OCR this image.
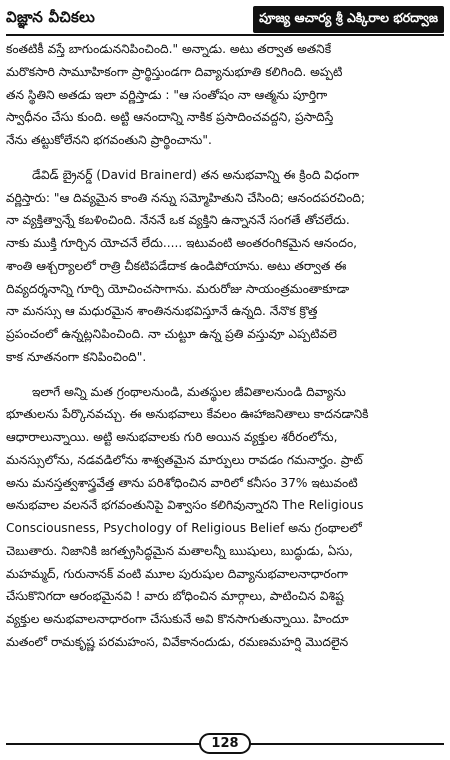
విజ్ఞాన వీచికలు	పూజ్య ఆచార్య శ్రీ ఎక్కిరాల భరద్వాజ
కంతటికీ వస్తే బాగుండుననిపించింది." అన్నాడు. అటు తర్వాత అతనికే
మరొకసారి సామూహికంగా ప్రార్థిస్తుండగా దివ్యానుభూతి కలిగింది. అప్పటి
తన స్థితిని అతడు ఇలా వర్ణిస్తాడు : "ఆ సంతోషం నా ఆత్మను పూర్తిగా
స్వాధీనం చేసు కుంది. అట్టి ఆనందాన్ని నాకిక ప్రసాదించవద్దని, ప్రసాదిస్తే
నేను తట్టుకోలేనని భగవంతుని ప్రార్థించాను".
డేవిడ్ బ్రైనర్డ్ (David Brainerd) తన అనుభవాన్ని ఈ క్రింది విధంగా
వర్ణిస్తారు: "ఆ దివ్యమైన కాంతి నన్ను సమ్మోహితుని చేసింది; ఆనందపరచింది;
నా వ్యక్తిత్వాన్నే కబళించింది. నేననే ఒక వ్యక్తిని ఉన్నాననే సంగతే తోచలేదు.
నాకు ముక్తి గూర్చిన యోచనే లేదు..... ఇటువంటి అంతరంగికమైన ఆనందం,
శాంతి ఆశ్చర్యాలలో రాత్రి చీకటిపడేదాక ఉండిపోయాను. అటు తర్వాత ఈ
దివ్యదర్శనాన్ని గూర్చి యోచించసాగాను. మరురోజు సాయంత్రమంతాకూడా
నా మనస్సు ఆ మధురమైన శాంతిననుభవిస్తూనే ఉన్నది. నేనొక క్రొత్త
ప్రపంచంలో ఉన్నట్లనిపించింది. నా చుట్టూ ఉన్న ప్రతి వస్తువూ ఎప్పటివలె
కాక నూతనంగా కనిపించింది".
ఇలాగే అన్ని మత గ్రంథాలనుండి, మతస్థుల జీవితాలనుండి దివ్యాను
భూతులను పేర్కొనవచ్చు. ఈ అనుభవాలు కేవలం ఊహాజనితాలు కాదనడానికి
ఆధారాలున్నాయి. అట్టి అనుభవాలకు గురి అయిన వ్యక్తుల శరీరంలోను,
మనస్సులోను, నడవడిలోను శాశ్వతమైన మార్పులు రావడం గమనార్హం. ప్రాట్
అను మనస్తత్వశాస్త్రవేత్త తాను పరిశోధించిన వారిలో కనీసం 37% ఇటువంటి
అనుభవాల వలననే భగవంతునిపై విశ్వాసం కలిగివున్నారని The Religious
Consciousness, Psychology of Religious Belief అను గ్రంథాలలో
చెబుతారు. నిజానికి జగత్ప్రసిద్ధమైన మతాలన్నీ ఋషులు, బుద్ధుడు, ఏసు,
మహమ్మద్, గురునానక్ వంటి మూల పురుషుల దివ్యానుభవాలనాధారంగా
చేసుకొనిగదా ఆరంభమైనవి ! వారు బోధించిన మార్గాలు, పాటించిన విశిష్ట
వ్యక్తుల అనుభవాలనాధారంగా చేసుకునే అవి కొనసాగుతున్నాయి. హిందూ
మతంలో రామకృష్ణ పరమహంస, వివేకానందుడు, రమణమహర్షి మొదలైన
128
